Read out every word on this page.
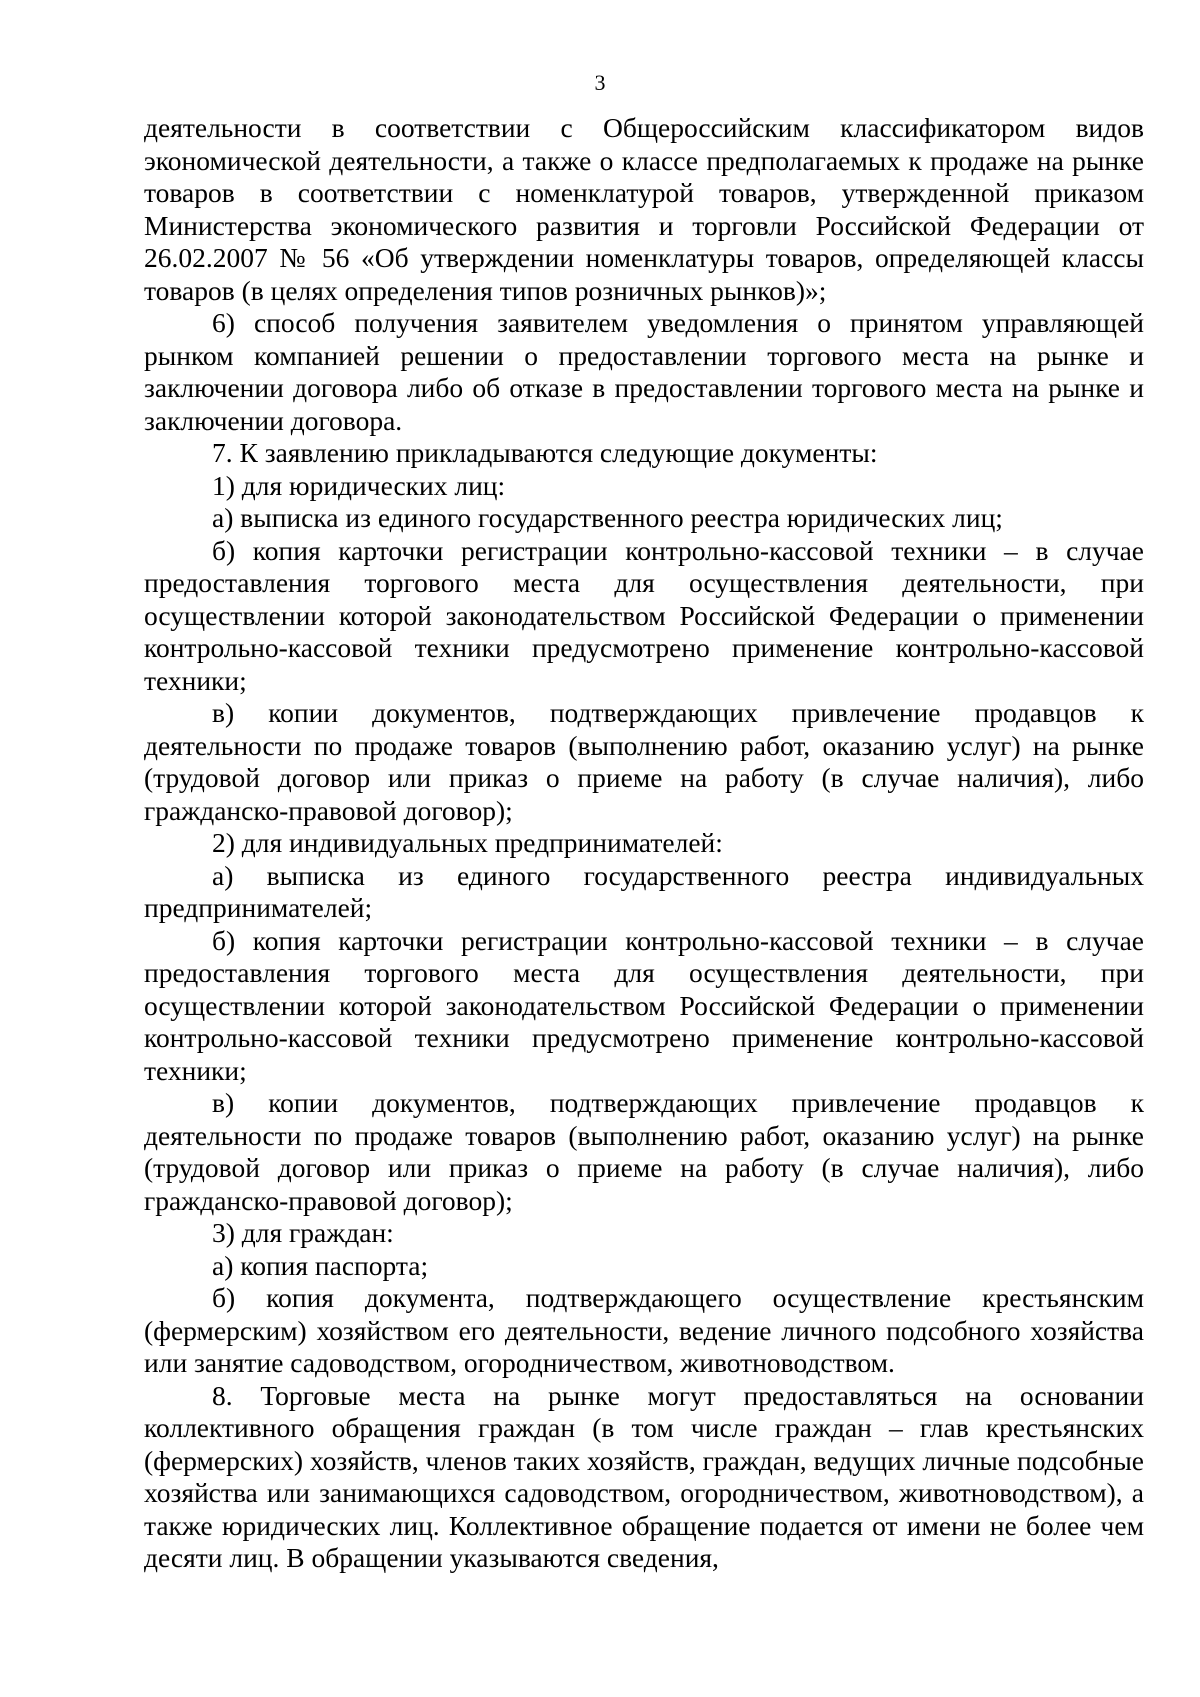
3

деятельности в соответствии с Общероссийским классификатором видов экономической деятельности, а также о классе предполагаемых к продаже на рынке товаров в соответствии с номенклатурой товаров, утвержденной приказом Министерства экономического развития и торговли Российской Федерации от 26.02.2007 № 56 «Об утверждении номенклатуры товаров, определяющей классы товаров (в целях определения типов розничных рынков)»;

6) способ получения заявителем уведомления о принятом управляющей рынком компанией решении о предоставлении торгового места на рынке и заключении договора либо об отказе в предоставлении торгового места на рынке и заключении договора.

7. К заявлению прикладываются следующие документы:

1) для юридических лиц:

а) выписка из единого государственного реестра юридических лиц;

б) копия карточки регистрации контрольно-кассовой техники – в случае предоставления торгового места для осуществления деятельности, при осуществлении которой законодательством Российской Федерации о применении контрольно-кассовой техники предусмотрено применение контрольно-кассовой техники;

в) копии документов, подтверждающих привлечение продавцов к деятельности по продаже товаров (выполнению работ, оказанию услуг) на рынке (трудовой договор или приказ о приеме на работу (в случае наличия), либо гражданско-правовой договор);

2) для индивидуальных предпринимателей:

а) выписка из единого государственного реестра индивидуальных предпринимателей;

б) копия карточки регистрации контрольно-кассовой техники – в случае предоставления торгового места для осуществления деятельности, при осуществлении которой законодательством Российской Федерации о применении контрольно-кассовой техники предусмотрено применение контрольно-кассовой техники;

в) копии документов, подтверждающих привлечение продавцов к деятельности по продаже товаров (выполнению работ, оказанию услуг) на рынке (трудовой договор или приказ о приеме на работу (в случае наличия), либо гражданско-правовой договор);

3) для граждан:

а) копия паспорта;

б) копия документа, подтверждающего осуществление крестьянским (фермерским) хозяйством его деятельности, ведение личного подсобного хозяйства или занятие садоводством, огородничеством, животноводством.

8. Торговые места на рынке могут предоставляться на основании коллективного обращения граждан (в том числе граждан – глав крестьянских (фермерских) хозяйств, членов таких хозяйств, граждан, ведущих личные подсобные хозяйства или занимающихся садоводством, огородничеством, животноводством), а также юридических лиц. Коллективное обращение подается от имени не более чем десяти лиц. В обращении указываются сведения,
